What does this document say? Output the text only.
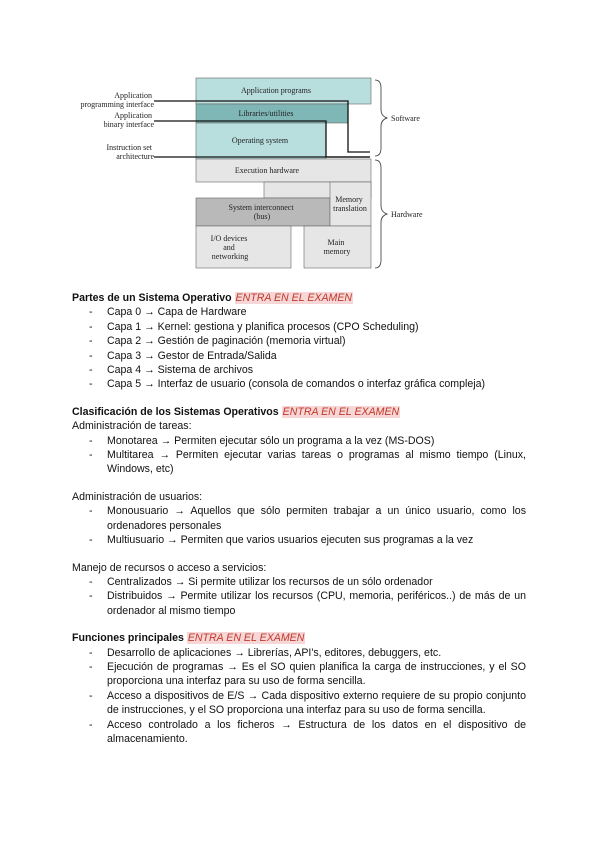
Application programming interface
Application binary interface
Instruction set architecture
Application programs
Libraries/utilities
Operating system
Execution hardware
System interconnect (bus)
Memory translation
I/O devices and networking
Main memory
Software
Hardware

Partes de un Sistema Operativo ENTRA EN EL EXAMEN

- Capa 0 → Capa de Hardware
- Capa 1 → Kernel: gestiona y planifica procesos (CPO Scheduling)
- Capa 2 → Gestión de paginación (memoria virtual)
- Capa 3 → Gestor de Entrada/Salida
- Capa 4 → Sistema de archivos
- Capa 5 → Interfaz de usuario (consola de comandos o interfaz gráfica compleja)

Clasificación de los Sistemas Operativos ENTRA EN EL EXAMEN

Administración de tareas:

- Monotarea → Permiten ejecutar sólo un programa a la vez (MS-DOS)
- Multitarea → Permiten ejecutar varias tareas o programas al mismo tiempo (Linux, Windows, etc)

Administración de usuarios:

- Monousuario → Aquellos que sólo permiten trabajar a un único usuario, como los ordenadores personales
- Multiusuario → Permiten que varios usuarios ejecuten sus programas a la vez

Manejo de recursos o acceso a servicios:

- Centralizados → Si permite utilizar los recursos de un sólo ordenador
- Distribuidos → Permite utilizar los recursos (CPU, memoria, periféricos..) de más de un ordenador al mismo tiempo

Funciones principales ENTRA EN EL EXAMEN

- Desarrollo de aplicaciones → Librerías, API's, editores, debuggers, etc.
- Ejecución de programas → Es el SO quien planifica la carga de instrucciones, y el SO proporciona una interfaz para su uso de forma sencilla.
- Acceso a dispositivos de E/S → Cada dispositivo externo requiere de su propio conjunto de instrucciones, y el SO proporciona una interfaz para su uso de forma sencilla.
- Acceso controlado a los ficheros → Estructura de los datos en el dispositivo de almacenamiento.
